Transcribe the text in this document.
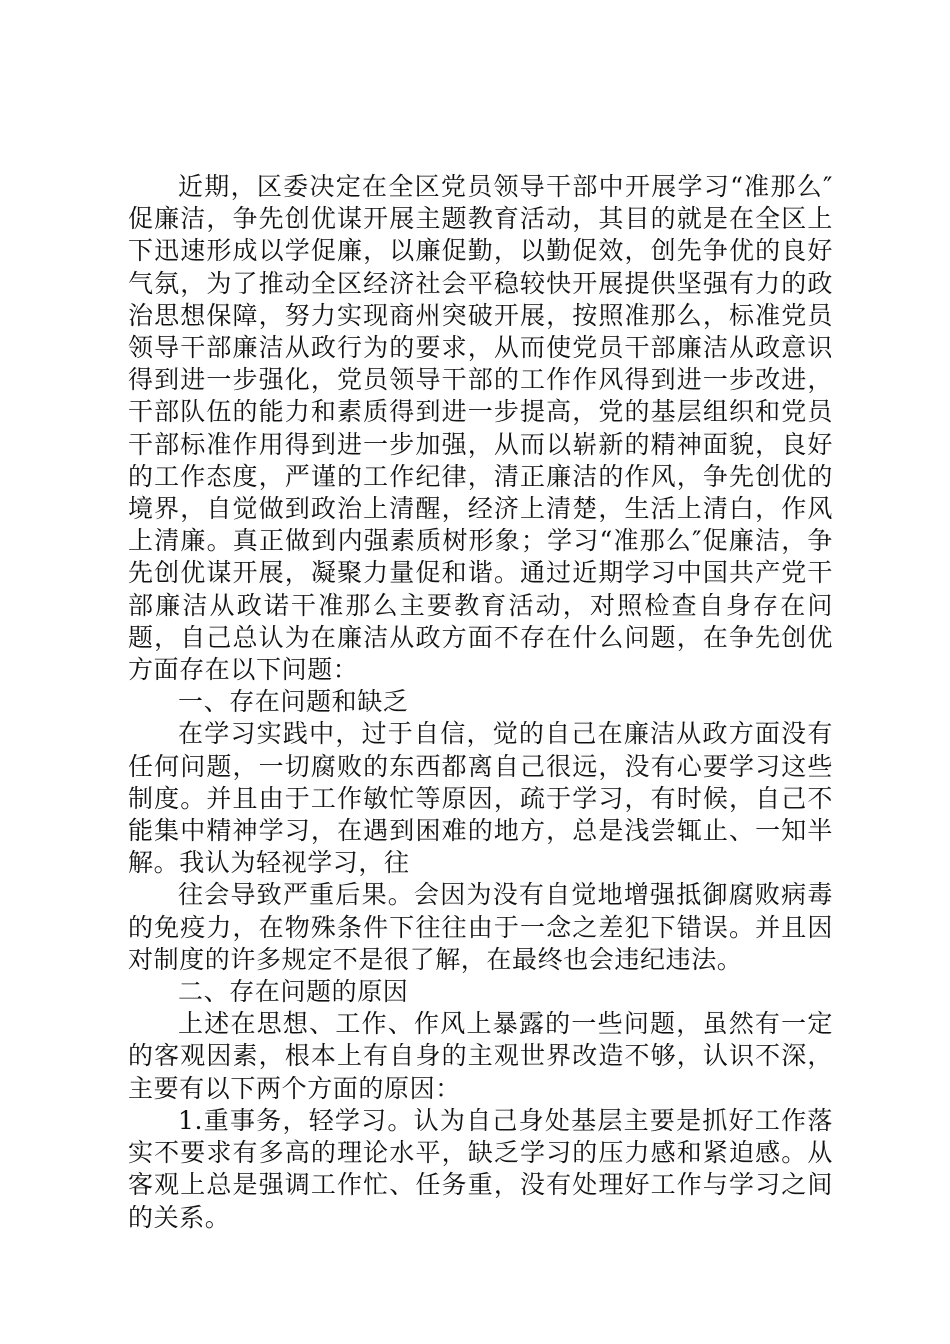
近期，区委决定在全区党员领导干部中开展学习“准那么″促廉洁，争先创优谋开展主题教育活动，其目的就是在全区上下迅速形成以学促廉，以廉促勤，以勤促效，创先争优的良好气氛，为了推动全区经济社会平稳较快开展提供坚强有力的政治思想保障，努力实现商州突破开展，按照准那么，标准党员领导干部廉洁从政行为的要求，从而使党员干部廉洁从政意识得到进一步强化，党员领导干部的工作作风得到进一步改进，干部队伍的能力和素质得到进一步提高，党的基层组织和党员干部标准作用得到进一步加强，从而以崭新的精神面貌，良好的工作态度，严谨的工作纪律，清正廉洁的作风，争先创优的境界，自觉做到政治上清醒，经济上清楚，生活上清白，作风上清廉。真正做到内强素质树形象；学习“准那么″促廉洁，争先创优谋开展，凝聚力量促和谐。通过近期学习中国共产党干部廉洁从政诺干准那么主要教育活动，对照检查自身存在问题，自己总认为在廉洁从政方面不存在什么问题，在争先创优方面存在以下问题：

一、存在问题和缺乏

在学习实践中，过于自信，觉的自己在廉洁从政方面没有任何问题，一切腐败的东西都离自己很远，没有心要学习这些制度。并且由于工作敏忙等原因，疏于学习，有时候，自己不能集中精神学习，在遇到困难的地方，总是浅尝辄止、一知半解。我认为轻视学习，往

往会导致严重后果。会因为没有自觉地增强抵御腐败病毒的免疫力，在物殊条件下往往由于一念之差犯下错误。并且因对制度的许多规定不是很了解，在最终也会违纪违法。

二、存在问题的原因

上述在思想、工作、作风上暴露的一些问题，虽然有一定的客观因素，根本上有自身的主观世界改造不够，认识不深，主要有以下两个方面的原因：

1.重事务，轻学习。认为自己身处基层主要是抓好工作落实不要求有多高的理论水平，缺乏学习的压力感和紧迫感。从客观上总是强调工作忙、任务重，没有处理好工作与学习之间的关系。
